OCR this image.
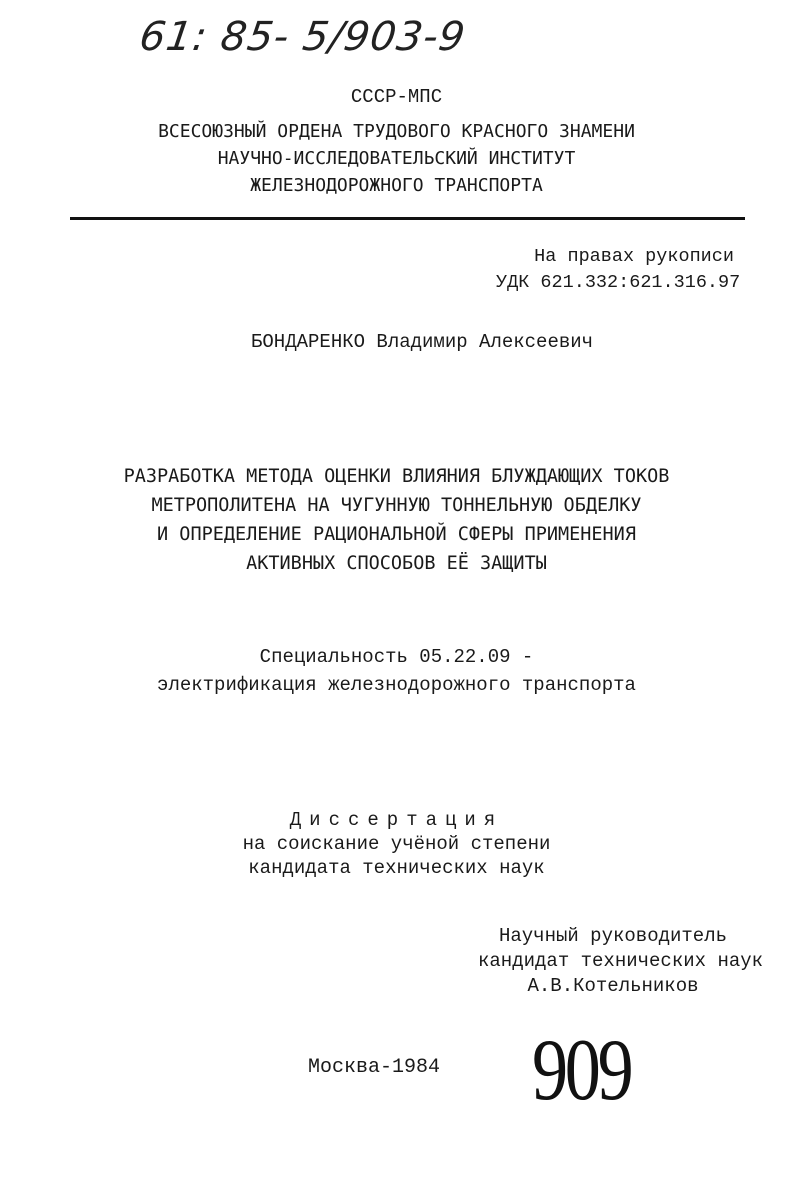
61: 85- 5/903-9
СССР-МПС
ВСЕСОЮЗНЫЙ ОРДЕНА ТРУДОВОГО КРАСНОГО ЗНАМЕНИ
НАУЧНО-ИССЛЕДОВАТЕЛЬСКИЙ ИНСТИТУТ
ЖЕЛЕЗНОДОРОЖНОГО ТРАНСПОРТА
На правах рукописи
УДК 621.332:621.316.97
БОНДАРЕНКО Владимир Алексеевич
РАЗРАБОТКА МЕТОДА ОЦЕНКИ ВЛИЯНИЯ БЛУЖДАЮЩИХ ТОКОВ
МЕТРОПОЛИТЕНА НА ЧУГУННУЮ ТОННЕЛЬНУЮ ОБДЕЛКУ
И ОПРЕДЕЛЕНИЕ РАЦИОНАЛЬНОЙ СФЕРЫ ПРИМЕНЕНИЯ
АКТИВНЫХ СПОСОБОВ ЕЁ ЗАЩИТЫ
Специальность 05.22.09 -
электрификация железнодорожного транспорта
Диссертация
на соискание учёной степени
кандидата технических наук
Научный руководитель
кандидат технических наук
А.В.Котельников
Москва-1984 909
